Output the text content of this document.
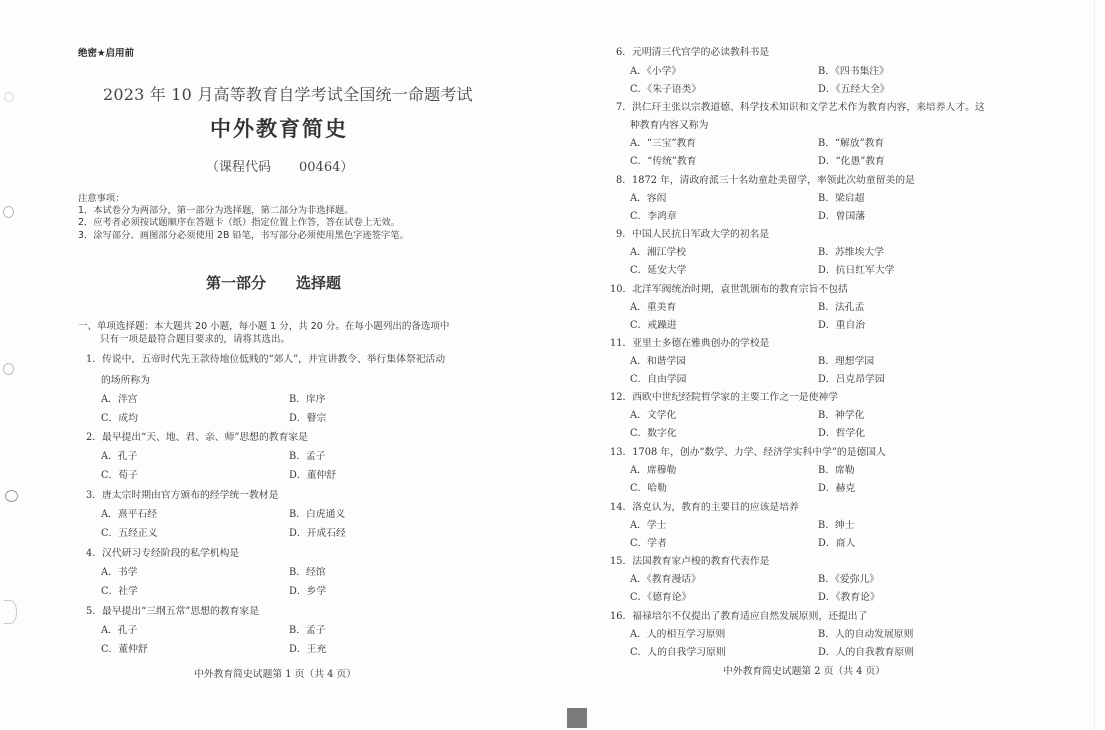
绝密★启用前
2023 年 10 月高等教育自学考试全国统一命题考试
中外教育简史
（课程代码 00464）
注意事项：
1．本试卷分为两部分，第一部分为选择题，第二部分为非选择题。
2．应考者必须按试题顺序在答题卡（纸）指定位置上作答，答在试卷上无效。
3．涂写部分、画图部分必须使用 2B 铅笔，书写部分必须使用黑色字迹签字笔。
第一部分 选择题
一、单项选择题：本大题共 20 小题，每小题 1 分，共 20 分。在每小题列出的备选项中
只有一项是最符合题目要求的，请将其选出。
1．传说中，五帝时代先王款待地位低贱的“郊人”，并宣讲教令、举行集体祭祀活动
的场所称为
A．泮宫	B．庠序
C．成均	D．瞽宗
2．最早提出“天、地、君、亲、师”思想的教育家是
A．孔子	B．孟子
C．荀子	D．董仲舒
3．唐太宗时期由官方颁布的经学统一教材是
A．熹平石经	B．白虎通义
C．五经正义	D．开成石经
4．汉代研习专经阶段的私学机构是
A．书学	B．经馆
C．社学	D．乡学
5．最早提出“三纲五常”思想的教育家是
A．孔子	B．孟子
C．董仲舒	D．王充
中外教育简史试题第 1 页（共 4 页）
6．元明清三代官学的必读教科书是
A．《小学》	B．《四书集注》
C．《朱子语类》	D．《五经大全》
7．洪仁玕主张以宗教道德、科学技术知识和文学艺术作为教育内容，来培养人才。这
种教育内容又称为
A．“三宝”教育	B．“解放”教育
C．“传统”教育	D．“化愚”教育
8．1872 年，清政府派三十名幼童赴美留学，率领此次幼童留美的是
A．容闳	B．梁启超
C．李鸿章	D．曾国藩
9．中国人民抗日军政大学的初名是
A．湘江学校	B．苏维埃大学
C．延安大学	D．抗日红军大学
10．北洋军阀统治时期，袁世凯颁布的教育宗旨不包括
A．重美育	B．法孔孟
C．戒躁进	D．重自治
11．亚里士多德在雅典创办的学校是
A．和谐学园	B．理想学园
C．自由学园	D．吕克昂学园
12．西欧中世纪经院哲学家的主要工作之一是使神学
A．文学化	B．神学化
C．数字化	D．哲学化
13．1708 年，创办“数学、力学、经济学实科中学”的是德国人
A．席穆勒	B．席勒
C．哈勒	D．赫克
14．洛克认为，教育的主要目的应该是培养
A．学士	B．绅士
C．学者	D．商人
15．法国教育家卢梭的教育代表作是
A．《教育漫话》	B．《爱弥儿》
C．《德育论》	D．《教育论》
16．福禄培尔不仅提出了教育适应自然发展原则，还提出了
A．人的相互学习原则	B．人的自动发展原则
C．人的自我学习原则	D．人的自我教育原则
中外教育简史试题第 2 页（共 4 页）
